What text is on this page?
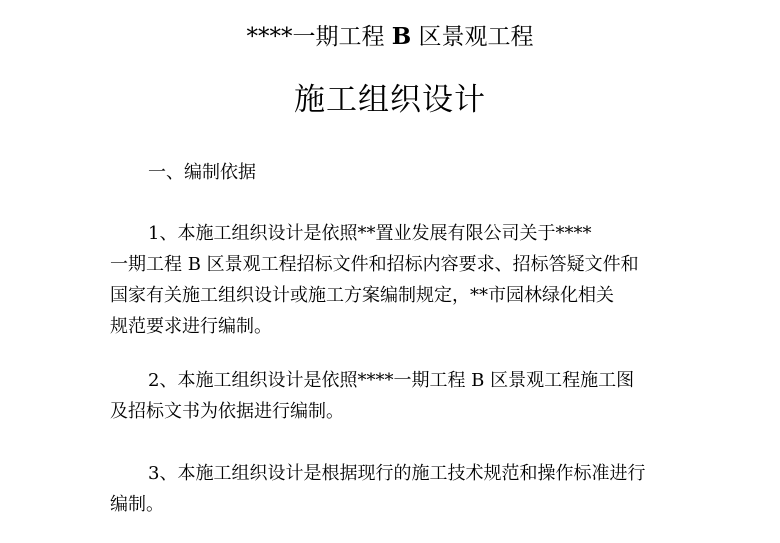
****一期工程 B 区景观工程
施工组织设计
一、编制依据
1、本施工组织设计是依照**置业发展有限公司关于****
一期工程 B 区景观工程招标文件和招标内容要求、招标答疑文件和
国家有关施工组织设计或施工方案编制规定，**市园林绿化相关
规范要求进行编制。
2、本施工组织设计是依照****一期工程 B 区景观工程施工图
及招标文书为依据进行编制。
3、本施工组织设计是根据现行的施工技术规范和操作标准进行
编制。
